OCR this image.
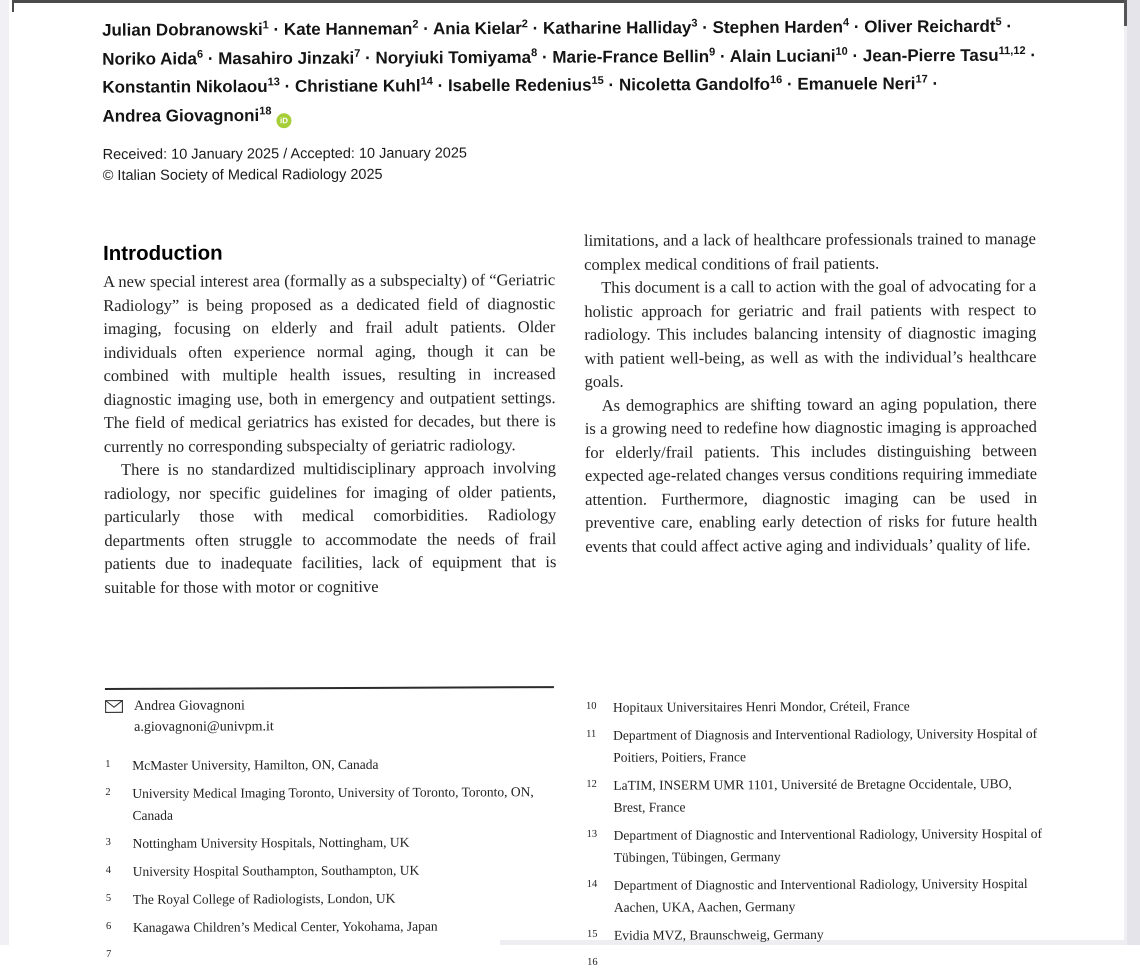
Julian Dobranowski$^1$ · Kate Hanneman$^2$ · Ania Kielar$^2$ · Katharine Halliday$^3$ · Stephen Harden$^4$ · Oliver Reichardt$^5$ ·
Noriko Aida$^6$ · Masahiro Jinzaki$^7$ · Noryiuki Tomiyama$^8$ · Marie-France Bellin$^9$ · Alain Luciani$^{10}$ · Jean-Pierre Tasu$^{11,12}$ ·
Konstantin Nikolaou$^{13}$ · Christiane Kuhl$^{14}$ · Isabelle Redenius$^{15}$ · Nicoletta Gandolfo$^{16}$ · Emanuele Neri$^{17}$ ·
Andrea Giovagnoni$^{18}$iD
Received: 10 January 2025 / Accepted: 10 January 2025
© Italian Society of Medical Radiology 2025
Introduction

A new special interest area (formally as a subspecialty) of “Geriatric Radiology” is being proposed as a dedicated field of diagnostic imaging, focusing on elderly and frail adult patients. Older individuals often experience normal aging, though it can be combined with multiple health issues, resulting in increased diagnostic imaging use, both in emergency and outpatient settings. The field of medical geriatrics has existed for decades, but there is currently no corresponding subspecialty of geriatric radiology.

There is no standardized multidisciplinary approach involving radiology, nor specific guidelines for imaging of older patients, particularly those with medical comorbidities. Radiology departments often struggle to accommodate the needs of frail patients due to inadequate facilities, lack of equipment that is suitable for those with motor or cognitive

limitations, and a lack of healthcare professionals trained to manage complex medical conditions of frail patients.

This document is a call to action with the goal of advocating for a holistic approach for geriatric and frail patients with respect to radiology. This includes balancing intensity of diagnostic imaging with patient well-being, as well as with the individual’s healthcare goals.

As demographics are shifting toward an aging population, there is a growing need to redefine how diagnostic imaging is approached for elderly/frail patients. This includes distinguishing between expected age-related changes versus conditions requiring immediate attention. Furthermore, diagnostic imaging can be used in preventive care, enabling early detection of risks for future health events that could affect active aging and individuals’ quality of life.

Andrea Giovagnoni
a.giovagnoni@univpm.it
1	McMaster University, Hamilton, ON, Canada
2	University Medical Imaging Toronto, University of Toronto, Toronto, ON, Canada
3	Nottingham University Hospitals, Nottingham, UK
4	University Hospital Southampton, Southampton, UK
5	The Royal College of Radiologists, London, UK
6	Kanagawa Children’s Medical Center, Yokohama, Japan
7
10	Hopitaux Universitaires Henri Mondor, Créteil, France
11	Department of Diagnosis and Interventional Radiology, University Hospital of Poitiers, Poitiers, France
12	LaTIM, INSERM UMR 1101, Université de Bretagne Occidentale, UBO, Brest, France
13	Department of Diagnostic and Interventional Radiology, University Hospital of Tübingen, Tübingen, Germany
14	Department of Diagnostic and Interventional Radiology, University Hospital Aachen, UKA, Aachen, Germany
15	Evidia MVZ, Braunschweig, Germany
16
